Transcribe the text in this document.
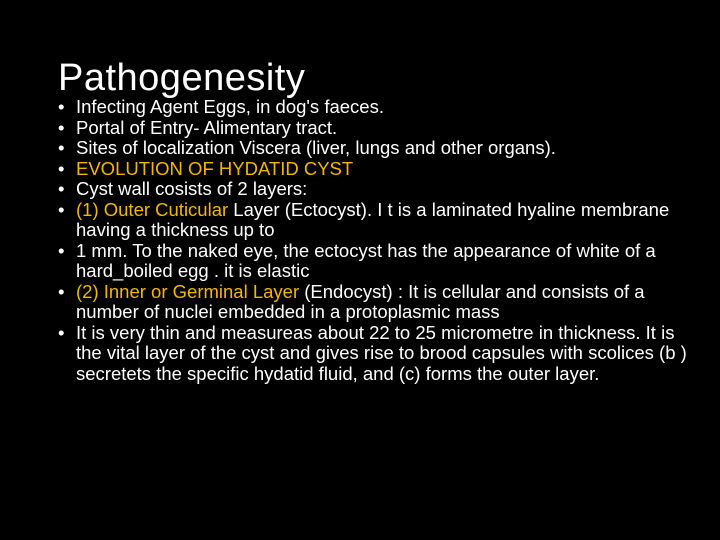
Pathogenesity
• Infecting Agent Eggs, in dog's faeces.
• Portal of Entry- Alimentary tract.
• Sites of localization Viscera (liver, lungs and other organs).
• EVOLUTION OF HYDATID CYST
• Cyst wall cosists of 2 layers:
• (1) Outer Cuticular Layer (Ectocyst). I t is a laminated hyaline membrane having a thickness up to
• 1 mm. To the naked eye, the ectocyst has the appearance of white of a hard_boiled egg . it is elastic
• (2) Inner or Germinal Layer (Endocyst) : It is cellular and consists of a number of nuclei embedded in a protoplasmic mass
• It is very thin and measureas about 22 to 25 micrometre in thickness. It is the vital layer of the cyst and gives rise to brood capsules with scolices (b ) secretets the specific hydatid fluid, and (c) forms the outer layer.
